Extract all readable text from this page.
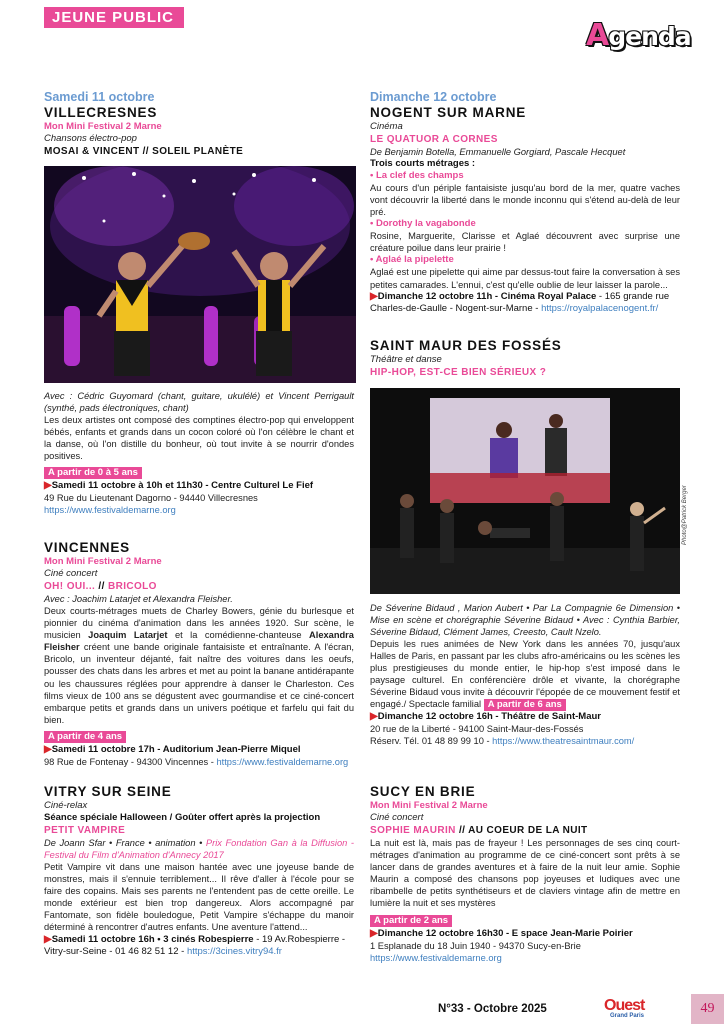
JEUNE PUBLIC
Agenda
Samedi 11 octobre
VILLECRESNES
Mon Mini Festival 2 Marne
Chansons électro-pop
MOSAI & VINCENT // SOLEIL PLANÈTE
Avec : Cédric Guyomard (chant, guitare, ukulélé) et Vincent Perrigault (synthé, pads électroniques, chant)
Les deux artistes ont composé des comptines électro-pop qui enveloppent bébés, enfants et grands dans un cocon coloré où l'on célèbre le chant et la danse, où l'on distille du bonheur, où tout invite à se nourrir d'ondes positives.
A partir de 0 à 5 ans
▶Samedi 11 octobre à 10h et 11h30 - Centre Culturel Le Fief
49 Rue du Lieutenant Dagorno - 94440 Villecresnes
https://www.festivaldemarne.org
VINCENNES
Mon Mini Festival 2 Marne
Ciné concert
OH! OUI... // BRICOLO
Avec : Joachim Latarjet et Alexandra Fleisher.
Deux courts-métrages muets de Charley Bowers, génie du burlesque et pionnier du cinéma d'animation dans les années 1920. Sur scène, le musicien Joaquim Latarjet et la comédienne-chanteuse Alexandra Fleisher créent une bande originale fantaisiste et entraînante. A l'écran, Bricolo, un inventeur déjanté, fait naître des voitures dans les oeufs, pousser des chats dans les arbres et met au point la banane antidérapante ou les chaussures réglées pour apprendre à danser le Charleston. Ces films vieux de 100 ans se dégustent avec gourmandise et ce ciné-concert embarque petits et grands dans un univers poétique et farfelu qui fait du bien.
A partir de 4 ans
▶Samedi 11 octobre 17h - Auditorium Jean-Pierre Miquel
98 Rue de Fontenay - 94300 Vincennes - https://www.festivaldemarne.org
VITRY SUR SEINE
Ciné-relax
Séance spéciale Halloween / Goûter offert après la projection
PETIT VAMPIRE
De Joann Sfar • France • animation • Prix Fondation Gan à la Diffusion - Festival du Film d'Animation d'Annecy 2017
Petit Vampire vit dans une maison hantée avec une joyeuse bande de monstres, mais il s'ennuie terriblement... Il rêve d'aller à l'école pour se faire des copains. Mais ses parents ne l'entendent pas de cette oreille. Le monde extérieur est bien trop dangereux. Alors accompagné par Fantomate, son fidèle bouledogue, Petit Vampire s'échappe du manoir déterminé à rencontrer d'autres enfants. Une aventure l'attend...
▶Samedi 11 octobre 16h • 3 cinés Robespierre - 19 Av.Robespierre - Vitry-sur-Seine - 01 46 82 51 12 - https://3cines.vitry94.fr
Dimanche 12 octobre
NOGENT SUR MARNE
Cinéma
LE QUATUOR A CORNES
De Benjamin Botella, Emmanuelle Gorgiard, Pascale Hecquet
Trois courts métrages :
• La clef des champs
Au cours d'un périple fantaisiste jusqu'au bord de la mer, quatre vaches vont découvrir la liberté dans le monde inconnu qui s'étend au-delà de leur pré.
• Dorothy la vagabonde
Rosine, Marguerite, Clarisse et Aglaé découvrent avec surprise une créature poilue dans leur prairie !
• Aglaé la pipelette
Aglaé est une pipelette qui aime par dessus-tout faire la conversation à ses petites camarades. L'ennui, c'est qu'elle oublie de leur laisser la parole...
▶Dimanche 12 octobre 11h - Cinéma Royal Palace - 165 grande rue Charles-de-Gaulle - Nogent-sur-Marne - https://royalpalacenogent.fr/
SAINT MAUR DES FOSSÉS
Théâtre et danse
HIP-HOP, EST-CE BIEN SÉRIEUX ?
De Séverine Bidaud , Marion Aubert • Par La Compagnie 6e Dimension • Mise en scène et chorégraphie Séverine Bidaud • Avec : Cynthia Barbier, Séverine Bidaud, Clément James, Creesto, Cault Nzelo.
Depuis les rues animées de New York dans les années 70, jusqu'aux Halles de Paris, en passant par les clubs afro-américains ou les scènes les plus prestigieuses du monde entier, le hip-hop s'est imposé dans le paysage culturel. En conférencière drôle et vivante, la chorégraphe Séverine Bidaud vous invite à découvrir l'épopée de ce mouvement festif et engagé./ Spectacle familial A partir de 6 ans
▶Dimanche 12 octobre 16h - Théâtre de Saint-Maur
20 rue de la Liberté - 94100 Saint-Maur-des-Fossés
Réserv. Tél. 01 48 89 99 10 - https://www.theatresaintmaur.com/
SUCY EN BRIE
Mon Mini Festival 2 Marne
Ciné concert
SOPHIE MAURIN // AU COEUR DE LA NUIT
La nuit est là, mais pas de frayeur ! Les personnages de ses cinq court-métrages d'animation au programme de ce ciné-concert sont prêts à se lancer dans de grandes aventures et à faire de la nuit leur amie. Sophie Maurin a composé des chansons pop joyeuses et ludiques avec une ribambelle de petits synthétiseurs et de claviers vintage afin de mettre en lumière la nuit et ses mystères
A partir de 2 ans
▶Dimanche 12 octobre 16h30 - E space Jean-Marie Poirier
1 Esplanade du 18 Juin 1940 - 94370 Sucy-en-Brie
https://www.festivaldemarne.org
Photo@Patrick Berger
N°33 - Octobre 2025	Ouest
Grand Paris	49
